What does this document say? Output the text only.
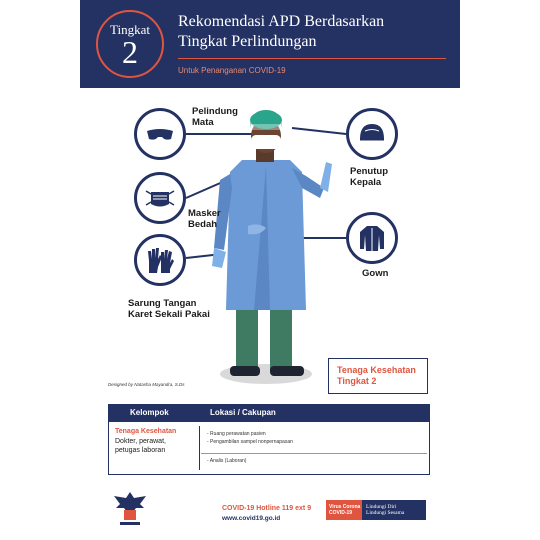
Tingkat
2
Rekomendasi APD Berdasarkan
Tingkat Perlindungan
Untuk Penanganan COVID-19
Pelindung
Mata
Masker
Bedah
Sarung Tangan
Karet Sekali Pakai
Penutup
Kepala
Gown
Designed by Natasha Mayandra, S.Ds
Tenaga Kesehatan
Tingkat 2
Kelompok	Lokasi / Cakupan
Tenaga Kesehatan
Dokter, perawat,
petugas laboran
- Ruang perawatan pasien
- Pengambilan sampel nonpernapasan
- Analis (Laboran)
COVID-19 Hotline 119 ext 9
www.covid19.go.id
Virus Corona
COVID-19
Lindungi Diri
Lindungi Sesama
